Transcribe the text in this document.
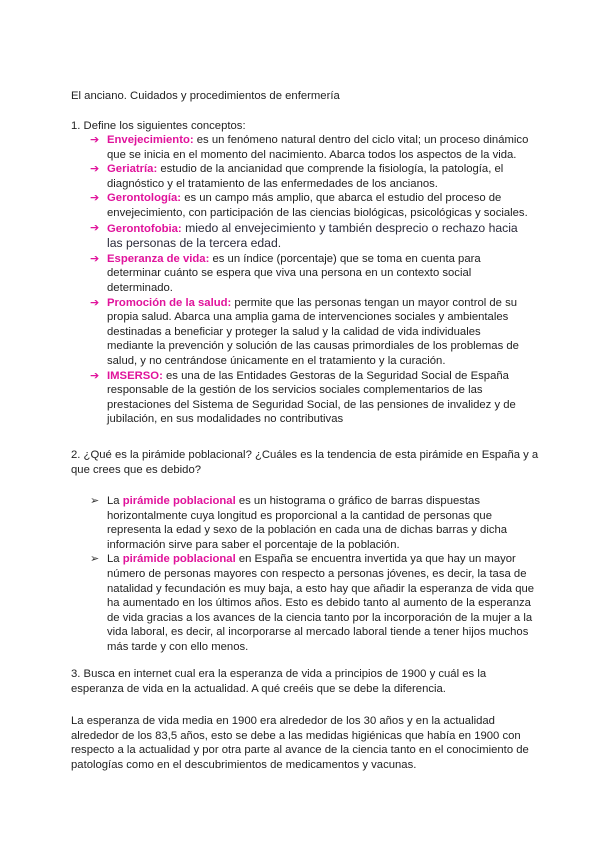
El anciano. Cuidados y procedimientos de enfermería
1. Define los siguientes conceptos:
➔ Envejecimiento: es un fenómeno natural dentro del ciclo vital; un proceso dinámico que se inicia en el momento del nacimiento. Abarca todos los aspectos de la vida.
➔ Geriatría: estudio de la ancianidad que comprende la fisiología, la patología, el diagnóstico y el tratamiento de las enfermedades de los ancianos.
➔ Gerontología: es un campo más amplio, que abarca el estudio del proceso de envejecimiento, con participación de las ciencias biológicas, psicológicas y sociales.
➔ Gerontofobia: miedo al envejecimiento y también desprecio o rechazo hacia las personas de la tercera edad.
➔ Esperanza de vida: es un índice (porcentaje) que se toma en cuenta para determinar cuánto se espera que viva una persona en un contexto social determinado.
➔ Promoción de la salud: permite que las personas tengan un mayor control de su propia salud. Abarca una amplia gama de intervenciones sociales y ambientales destinadas a beneficiar y proteger la salud y la calidad de vida individuales mediante la prevención y solución de las causas primordiales de los problemas de salud, y no centrándose únicamente en el tratamiento y la curación.
➔ IMSERSO: es una de las Entidades Gestoras de la Seguridad Social de España responsable de la gestión de los servicios sociales complementarios de las prestaciones del Sistema de Seguridad Social, de las pensiones de invalidez y de jubilación, en sus modalidades no contributivas
2. ¿Qué es la pirámide poblacional? ¿Cuáles es la tendencia de esta pirámide en España y a que crees que es debido?
➢ La pirámide poblacional es un histograma o gráfico de barras dispuestas horizontalmente cuya longitud es proporcional a la cantidad de personas que representa la edad y sexo de la población en cada una de dichas barras y dicha información sirve para saber el porcentaje de la población.
➢ La pirámide poblacional en España se encuentra invertida ya que hay un mayor número de personas mayores con respecto a personas jóvenes, es decir, la tasa de natalidad y fecundación es muy baja, a esto hay que añadir la esperanza de vida que ha aumentado en los últimos años. Esto es debido tanto al aumento de la esperanza de vida gracias a los avances de la ciencia tanto por la incorporación de la mujer a la vida laboral, es decir, al incorporarse al mercado laboral tiende a tener hijos muchos más tarde y con ello menos.
3. Busca en internet cual era la esperanza de vida a principios de 1900 y cuál es la esperanza de vida en la actualidad. A qué creéis que se debe la diferencia.
La esperanza de vida media en 1900 era alrededor de los 30 años y en la actualidad alrededor de los 83,5 años, esto se debe a las medidas higiénicas que había en 1900 con respecto a la actualidad y por otra parte al avance de la ciencia tanto en el conocimiento de patologías como en el descubrimientos de medicamentos y vacunas.
